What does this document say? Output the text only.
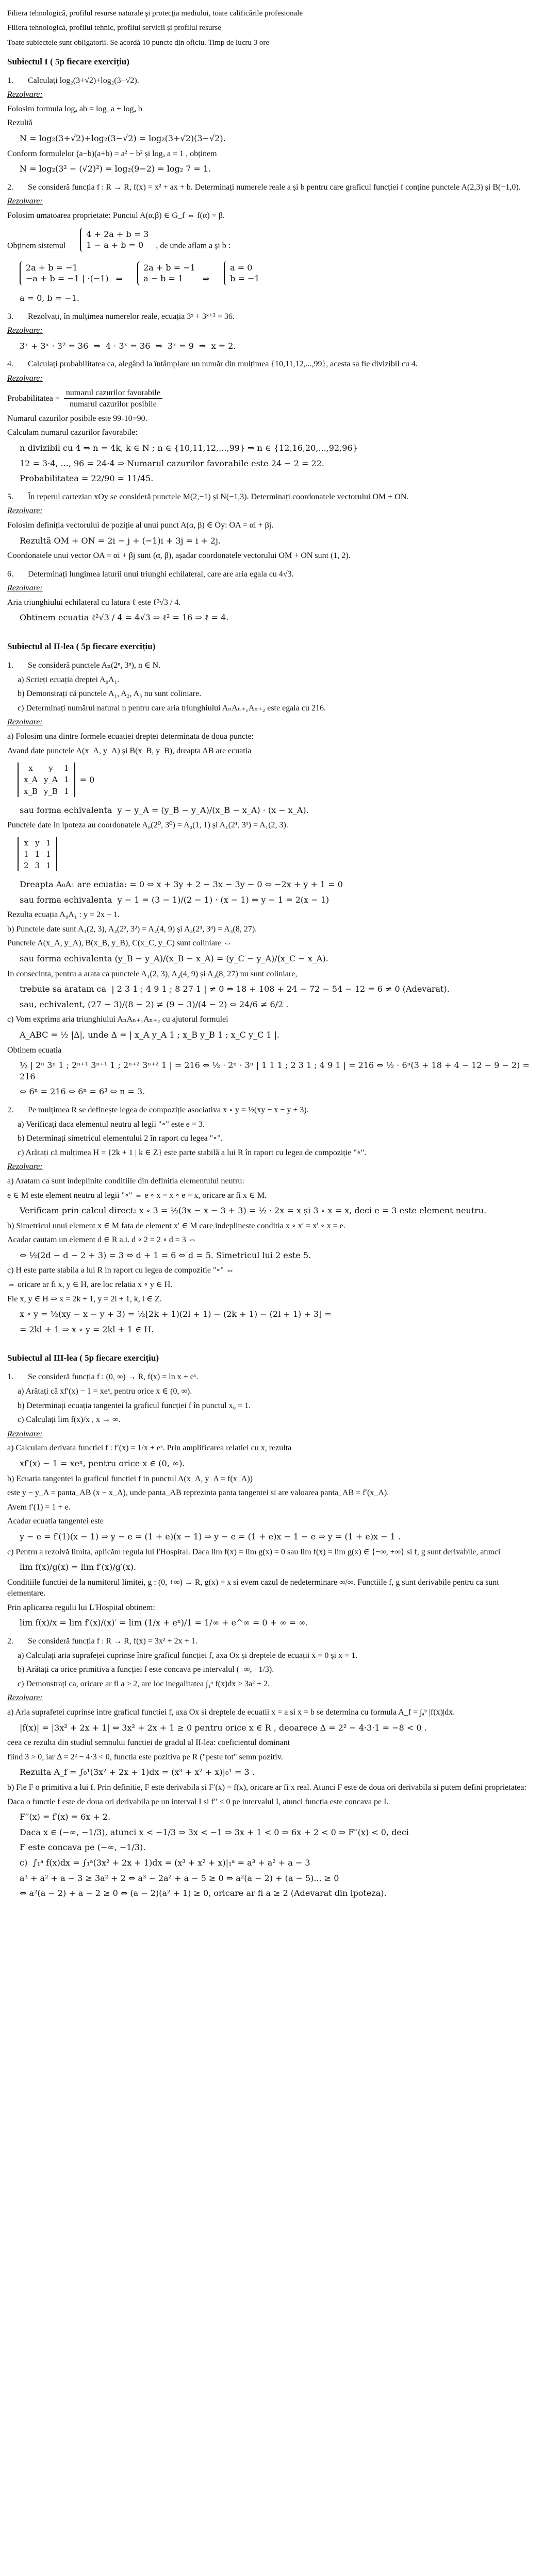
Filiera tehnologică, profilul resurse naturale şi protecţia mediului, toate calificările profesionale
Filiera tehnologică, profilul tehnic, profilul servicii și profilul resurse
Toate subiectele sunt obligatorii. Se acordă 10 puncte din oficiu. Timp de lucru 3 ore
Subiectul I ( 5p fiecare exercițiu)
1.	Calculați log₂(3+√2)+log₂(3−√2).
Rezolvare:
Folosim formula logₐ ab = logₐ a + logₐ b
Rezultă
N = log₂(3+√2)+log₂(3−√2) = log₂(3+√2)(3−√2).
Conform formulelor (a−b)(a+b) = a² − b² și logₐ a = 1 , obținem
N = log₂(3² − (√2)²) = log₂(9−2) = log₂ 7 = 1.
2.	Se consideră funcția f : R → R, f(x) = x² + ax + b. Determinați numerele reale a și b pentru care graficul funcției f conține punctele A(2,3) și B(−1,0).
Rezolvare:
Folosim umatoarea proprietate: Punctul A(α,β) ∈ G_f ⇔ f(α) = β.
Obținem sistemul
4 + 2a + b = 3
1 − a + b = 0	, de unde aflam a și b :
2a + b = −1
−a + b = −1 | ·(−1) ⇒
2a + b = −1
a − b = 1	⇒
a = 0
b = −1
a = 0, b = −1.
3.	Rezolvați, în mulțimea numerelor reale, ecuația 3ˣ + 3ˣ⁺² = 36.
Rezolvare:
3ˣ + 3ˣ · 3² = 36  ⇒  4 · 3ˣ = 36  ⇒  3ˣ = 9  ⇒  x = 2.
4.	Calculați probabilitatea ca, alegând la întâmplare un număr din mulțimea {10,11,12,...,99}, acesta sa fie divizibil cu 4.
Rezolvare:
Probabilitatea = $\frac{\text{numarul cazurilor favorabile}}{\text{numarul cazurilor posibile}}$
Numarul cazurilor posibile este 99-10=90.
Calculam numarul cazurilor favorabile:
n divizibil cu 4 ⇒ n = 4k, k ∈ N ; n ∈ {10,11,12,...,99} ⇒ n ∈ {12,16,20,...,92,96}
12 = 3·4, ..., 96 = 24·4 ⇒ Numarul cazurilor favorabile este 24 − 2 = 22.
Probabilitatea = 22/90 = 11/45.
5.	În reperul cartezian xOy se consideră punctele M(2,−1) și N(−1,3). Determinați coordonatele vectorului OM + ON.
Rezolvare:
Folosim definiția vectorului de poziție al unui punct A(α, β) ∈ Oy: OA = αi + βj.
Rezultă OM + ON = 2i − j + (−1)i + 3j = i + 2j.
Coordonatele unui vector OA = αi + βj sunt (α, β), așadar coordonatele vectorului OM + ON sunt (1, 2).
6.	Determinați lungimea laturii unui triunghi echilateral, care are aria egala cu 4√3.
Rezolvare:
Aria triunghiului echilateral cu latura ℓ este ℓ²√3 / 4.
Obtinem ecuatia ℓ²√3 / 4 = 4√3 ⇒ ℓ² = 16 ⇒ ℓ = 4.
Subiectul al II-lea ( 5p fiecare exercițiu)
1.	Se consideră punctele Aₙ(2ⁿ, 3ⁿ), n ∈ N.
a) Scrieți ecuația dreptei A₀A₁.
b) Demonstrați că punctele A₁, A₂, A₃ nu sunt coliniare.
c) Determinați numărul natural n pentru care aria triunghiului AₙAₙ₊₁Aₙ₊₂ este egala cu 216.
Rezolvare:
a) Folosim una dintre formele ecuatiei dreptei determinata de doua puncte:
Avand date punctele A(x_A, y_A) și B(x_B, y_B), dreapta AB are ecuatia
x	y	1
x_A	y_A	1
x_B	y_B	1
= 0
sau forma echivalenta  y − y_A = (y_B − y_A)/(x_B − x_A) · (x − x_A).
Punctele date in ipoteza au coordonatele A₀(2⁰, 3⁰) = A₀(1, 1) și A₁(2¹, 3¹) = A₁(2, 3).
x	y	1
1	1	1
2	3	1
Dreapta A₀A₁ are ecuatia: = 0 ⇔ x + 3y + 2 − 3x − 3y − 0 ⇔ −2x + y + 1 = 0
sau forma echivalenta  y − 1 = (3 − 1)/(2 − 1) · (x − 1) ⇔ y − 1 = 2(x − 1)
Rezulta ecuația A₀A₁ : y = 2x − 1.
b) Punctele date sunt A₁(2, 3), A₂(2², 3²) = A₂(4, 9) și A₃(2³, 3³) = A₃(8, 27).
Punctele A(x_A, y_A), B(x_B, y_B), C(x_C, y_C) sunt coliniare ⇔
sau forma echivalenta (y_B − y_A)/(x_B − x_A) = (y_C − y_A)/(x_C − x_A).
In consecinta, pentru a arata ca punctele A₁(2, 3), A₂(4, 9) și A₃(8, 27) nu sunt coliniare,
trebuie sa aratam ca  | 2 3 1 ; 4 9 1 ; 8 27 1 | ≠ 0 ⇔ 18 + 108 + 24 − 72 − 54 − 12 = 6 ≠ 0 (Adevarat).
sau, echivalent, (27 − 3)/(8 − 2) ≠ (9 − 3)/(4 − 2) ⇔ 24/6 ≠ 6/2 .
c) Vom exprima aria triunghiului AₙAₙ₊₁Aₙ₊₂ cu ajutorul formulei
A_ABC = ½ |Δ|, unde Δ = | x_A y_A 1 ; x_B y_B 1 ; x_C y_C 1 |.
Obtinem ecuatia
½ | 2ⁿ 3ⁿ 1 ; 2ⁿ⁺¹ 3ⁿ⁺¹ 1 ; 2ⁿ⁺² 3ⁿ⁺² 1 | = 216 ⇔ ½ · 2ⁿ · 3ⁿ | 1 1 1 ; 2 3 1 ; 4 9 1 | = 216 ⇔ ½ · 6ⁿ(3 + 18 + 4 − 12 − 9 − 2) = 216
⇔ 6ⁿ = 216 ⇔ 6ⁿ = 6³ ⇔ n = 3.
2.	Pe mulțimea R se definește legea de compoziție asociativa x ∘ y = ½(xy − x − y + 3).
a) Verificați daca elementul neutru al legii "∘" este e = 3.
b) Determinați simetricul elementului 2 în raport cu legea "∘".
c) Arătați că mulțimea H = {2k + 1 | k ∈ Z} este parte stabilă a lui R în raport cu legea de compoziție "∘".
Rezolvare:
a) Aratam ca sunt indeplinite conditiile din definitia elementului neutru:
e ∈ M este element neutru al legii "∘" ⇔ e ∘ x = x ∘ e = x, oricare ar fi x ∈ M.
Verificam prin calcul direct: x ∘ 3 = ½(3x − x − 3 + 3) = ½ · 2x = x și 3 ∘ x = x, deci e = 3 este element neutru.
b) Simetricul unui element x ∈ M fata de element x′ ∈ M care indeplineste conditia x ∘ x′ = x′ ∘ x = e.
Acadar cautam un element d ∈ R a.i. d ∘ 2 = 2 ∘ d = 3 ⇔
⇔ ½(2d − d − 2 + 3) = 3 ⇔ d + 1 = 6 ⇔ d = 5. Simetricul lui 2 este 5.
c) H este parte stabila a lui R in raport cu legea de compozitie "∘" ⇔
⇔ oricare ar fi x, y ∈ H, are loc relatia x ∘ y ∈ H.
Fie x, y ∈ H ⇒ x = 2k + 1, y = 2l + 1, k, l ∈ Z.
x ∘ y = ½(xy − x − y + 3) = ½[2k + 1)(2l + 1) − (2k + 1) − (2l + 1) + 3] =
= 2kl + 1 ⇒ x ∘ y = 2kl + 1 ∈ H.
Subiectul al III-lea ( 5p fiecare exercițiu)
1.	Se consideră funcția f : (0, ∞) → R, f(x) = ln x + eˣ.
a) Arătați că xf′(x) − 1 = xeˣ, pentru orice x ∈ (0, ∞).
b) Determinați ecuația tangentei la graficul funcției f în punctul x₀ = 1.
c) Calculați lim f(x)/x , x → ∞.
Rezolvare:
a) Calculam derivata functiei f : f′(x) = 1/x + eˣ. Prin amplificarea relatiei cu x, rezulta
xf′(x) − 1 = xeˣ, pentru orice x ∈ (0, ∞).
b) Ecuatia tangentei la graficul functiei f in punctul A(x_A, y_A = f(x_A))
este y − y_A = panta_AB (x − x_A), unde panta_AB reprezinta panta tangentei si are valoarea panta_AB = f′(x_A).
Avem f′(1) = 1 + e.
Acadar ecuatia tangentei este
y − e = f′(1)(x − 1) ⇒ y − e = (1 + e)(x − 1) ⇒ y − e = (1 + e)x − 1 − e ⇒ y = (1 + e)x − 1 .
c) Pentru a rezolvă limita, aplicăm regula lui l'Hospital. Daca lim f(x) = lim g(x) = 0 sau lim f(x) = lim g(x) ∈ {−∞, +∞} si f, g sunt derivabile, atunci
lim f(x)/g(x) = lim f′(x)/g′(x).
Conditiile functiei de la numitorul limitei, g : (0, +∞) → R, g(x) = x si evem cazul de nedeterminare ∞/∞. Functiile f, g sunt derivabile pentru ca sunt elementare.
Prin aplicarea regulii lui L'Hospital obtinem:
lim f(x)/x = lim f′(x)/(x)′ = lim (1/x + eˣ)/1 = 1/∞ + e^∞ = 0 + ∞ = ∞.
2.	Se consideră funcția f : R → R, f(x) = 3x² + 2x + 1.
a) Calculați aria suprafeței cuprinse între graficul funcției f, axa Ox și dreptele de ecuații x = 0 și x = 1.
b) Arătați ca orice primitiva a funcției f este concava pe intervalul (−∞, −1/3).
c) Demonstrați ca, oricare ar fi a ≥ 2, are loc inegalitatea ∫₁ᵃ f(x)dx ≥ 3a² + 2.
Rezolvare:
a) Aria suprafetei cuprinse intre graficul functiei f, axa Ox si dreptele de ecuatii x = a si x = b se determina cu formula A_f = ∫ₐᵇ |f(x)|dx.
|f(x)| = |3x² + 2x + 1| ⇔ 3x² + 2x + 1 ≥ 0 pentru orice x ∈ R , deoarece Δ = 2² − 4·3·1 = −8 < 0 .
ceea ce rezulta din studiul semnului functiei de gradul al II-lea: coeficientul dominant
fiind 3 > 0, iar Δ = 2² − 4·3 < 0, functia este pozitiva pe R ("peste tot" semn pozitiv.
Rezulta A_f = ∫₀¹(3x² + 2x + 1)dx = (x³ + x² + x)|₀¹ = 3 .
b) Fie F o primitiva a lui f. Prin definitie, F este derivabila si F′(x) = f(x), oricare ar fi x real. Atunci F este de doua ori derivabila si putem defini proprietatea:
Daca o functie f este de doua ori derivabila pe un interval I si f′′ ≤ 0 pe intervalul I, atunci functia este concava pe I.
F′′(x) = f′(x) = 6x + 2.
Daca x ∈ (−∞, −1/3), atunci x < −1/3 ⇒ 3x < −1 ⇒ 3x + 1 < 0 ⇒ 6x + 2 < 0 ⇒ F′′(x) < 0, deci
F este concava pe (−∞, −1/3).
c)  ∫₁ᵃ f(x)dx = ∫₁ᵃ(3x² + 2x + 1)dx = (x³ + x² + x)|₁ᵃ = a³ + a² + a − 3
a³ + a² + a − 3 ≥ 3a² + 2 ⇔ a³ − 2a² + a − 5 ≥ 0 ⇔ a²(a − 2) + (a − 5)... ≥ 0
⇔ a²(a − 2) + a − 2 ≥ 0 ⇔ (a − 2)(a² + 1) ≥ 0, oricare ar fi a ≥ 2 (Adevarat din ipoteza).
